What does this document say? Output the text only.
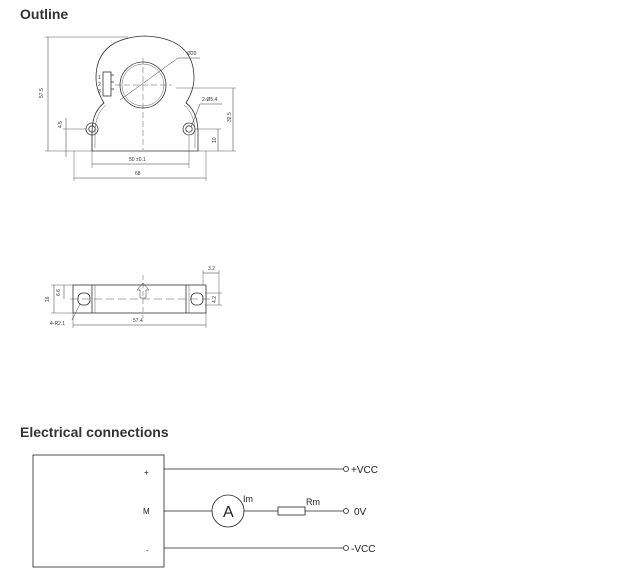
Outline
Electrical connections
Ø20
2-Ø5.4
57.5
4.5
32.5
10
50 ±0.1
68
1
2
3
3.2
16
6.6
4.2
57.4
4-R2.1
+
M
-
A
Im	Rm
+VCC
0V
-VCC
